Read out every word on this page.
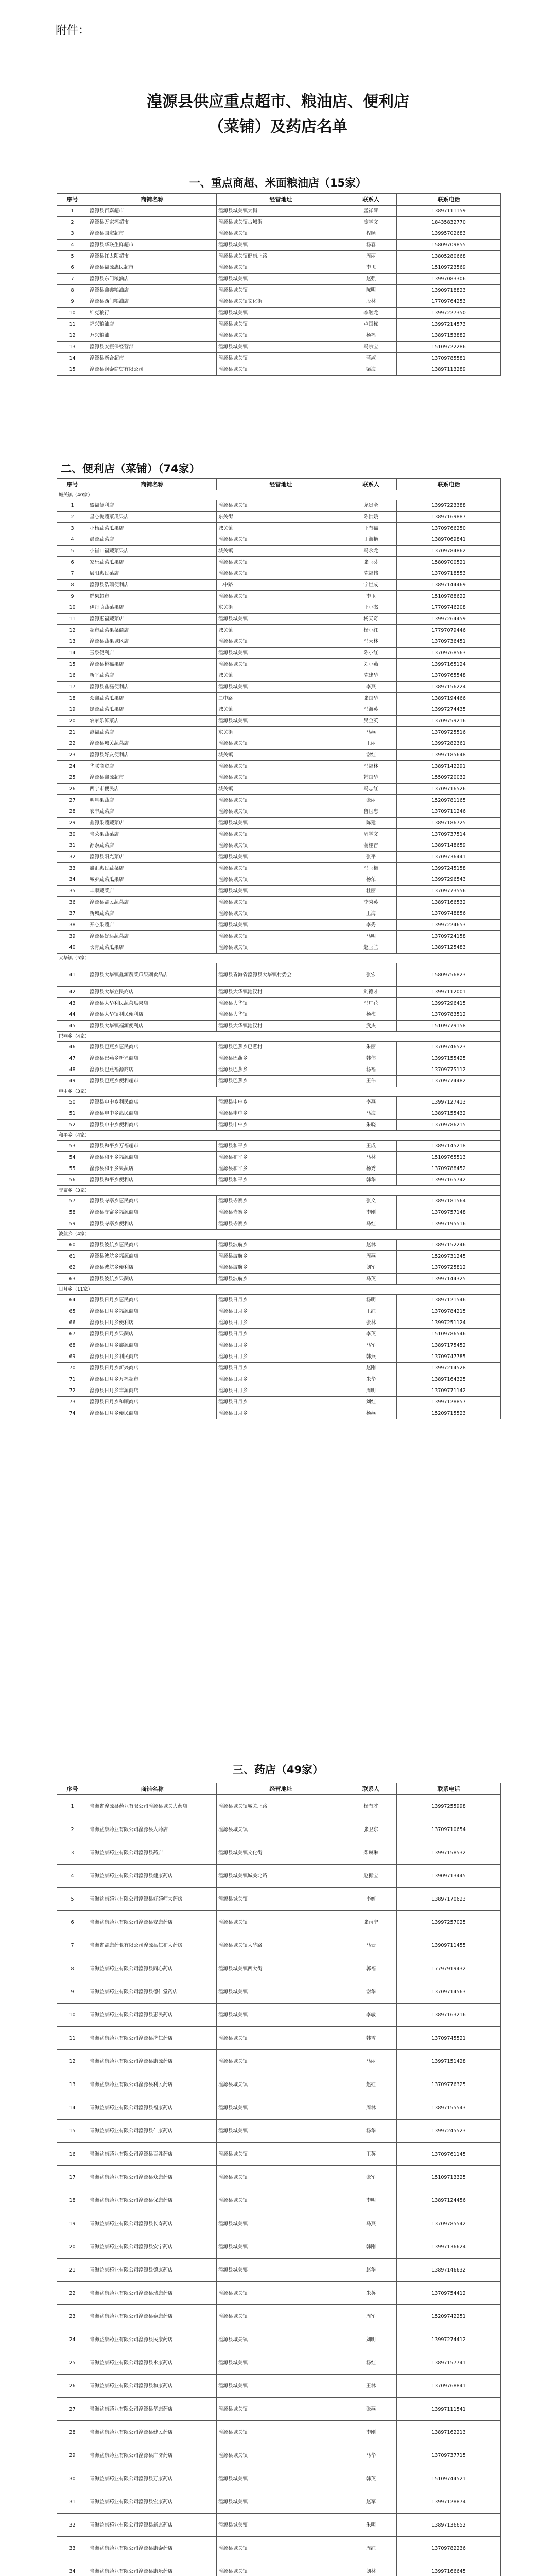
附件：
湟源县供应重点超市、粮油店、便利店
（菜铺）及药店名单
一、重点商超、米面粮油店（15家）
序号	商铺名称	经营地址	联系人	联系电话
1	湟源县百嘉超市	湟源县城关镇大街	孟祥琴	13897111159
2	湟源县万家福超市	湟源县城关镇古城街	庞学文	18435832770
3	湟源县国宏超市	湟源县城关镇	程顺	13995702683
4	湟源县华联生鲜超市	湟源县城关镇	杨春	15809709855
5	湟源县红太阳超市	湟源县城关镇健康北路	周丽	13805280668
6	湟源县福源惠民超市	湟源县城关镇	李飞	15109723569
7	湟源县东门粮油店	湟源县城关镇	赵强	13997083306
8	湟源县鑫鑫粮油店	湟源县城关镇	陈明	13909718823
9	湟源县西门粮油店	湟源县城关镇文化街	段林	17709764253
10	维克粮行	湟源县城关镇	李继龙	13997227350
11	福兴粮油店	湟源县城关镇	卢国栋	13997214573
12	万兴粮油	湟源县城关镇	杨福	13897153882
13	湟源县安振保经营部	湟源县城关镇	马宗宝	15109722286
14	湟源县新合超市	湟源县城关镇	蒲淑	13709785581
15	湟源县润泰商贸有限公司	湟源县城关镇	梁海	13897113289
二、便利店（菜铺）（74家）
序号	商铺名称	经营地址	联系人	联系电话
城关镇（40家）				
1	盛福便利店	湟源县城关镇	龙贵全	13997223388
2	星心悦蔬菜瓜果店	东关街	陈洪娥	13897169887
3	小杨蔬菜瓜果店	城关镇	王有福	13709766250
4	晨源蔬菜店	湟源县城关镇	丁淑艳	13897069841
5	小崔口福蔬菜果店	城关镇	马永龙	13709784862
6	家乐蔬菜瓜果店	湟源县城关镇	张玉芬	15809700521
7	辰阳惠民菜店	湟源县城关镇	陈福伟	13709718553
8	湟源县浩瑞便利店	二中路	宁世成	13897144469
9	鲜果超市	湟源县城关镇	李玉	15109788622
10	伊丹萌蔬菜果店	东关街	王小杰	17709746208
11	湟源惠福蔬菜店	湟源县城关镇	杨天奇	13997264459
12	超市蔬菜果菜商店	城关镇	杨小红	17797079446
13	湟源县蔬果城区店	湟源县城关镇	马天林	13709736451
14	玉泉便利店	湟源县城关镇	陈小红	13709768563
15	湟源县彬福果店	湟源县城关镇	刘小燕	13997165124
16	新平蔬菜店	城关镇	陈建华	13709765548
17	湟源县鑫磊便利店	湟源县城关镇	李燕	13897156224
18	众鑫蔬菜瓜果店	二中路	张国华	13897194466
19	绿源蔬菜瓜果店	城关镇	马海英	13997274435
20	农家乐鲜菜店	湟源县城关镇	吴金英	13709759216
21	惠福蔬菜店	东关街	马燕	13709725516
22	湟源县城关蔬菜店	湟源县城关镇	王丽	13997282361
23	湟源县好友便利店	城关镇	谢红	13997185648
24	华联商贸店	湟源县城关镇	马福林	13897142291
25	湟源县鑫源超市	湟源县城关镇	韩国华	15509720032
26	西宁市便民店	城关镇	马志红	13709716526
27	明星果蔬店	湟源县城关镇	张丽	15209781165
28	农丰蔬菜店	湟源县城关镇	鲁世忠	13709711246
29	鑫源果蔬蔬菜店	湟源县城关镇	陈建	13897186725
30	青荣果蔬菜店	湟源县城关镇	周学文	13709737514
31	源泰蔬菜店	湟源县城关镇	蒲桂香	13897148659
32	湟源县阳光菜店	湟源县城关镇	张平	13709736441
33	鑫汇惠民蔬菜店	湟源县城关镇	马玉梅	13997245158
34	城乡蔬菜瓜果店	湟源县城关镇	杨荣	13997296543
35	丰顺蔬菜店	湟源县城关镇	杜丽	13709773556
36	湟源县益民蔬菜店	湟源县城关镇	李秀英	13897166532
37	新城蔬菜店	湟源县城关镇	王海	13709748856
38	开心果蔬店	湟源县城关镇	李秀	13997224653
39	湟源县好运蔬菜店	湟源县城关镇	马明	13709724158
40	长青蔬菜瓜果店	湟源县城关镇	赵玉兰	13897125483
大华镇（5家）				
41	湟源县大华镇鑫源蔬菜瓜果副食品店	湟源县青海省湟源县大华镇村委会	张宏	15809756823
42	湟源县大华立民商店	湟源县大华镇池汉村	刘德才	13997112001
43	湟源县大华利民蔬菜瓜果店	湟源县大华镇	马广花	13997296415
44	湟源县大华镇利民便利店	湟源县大华镇	杨梅	13709783512
45	湟源县大华镇福源便利店	湟源县大华镇池汉村	武杰	15109779158
巴燕乡（4家）				
46	湟源县巴燕乡惠民商店	湟源县巴燕乡巴燕村	朱丽	13709746523
47	湟源县巴燕乡新兴商店	湟源县巴燕乡	韩伟	13997155425
48	湟源县巴燕福源商店	湟源县巴燕乡	杨福	13709775112
49	湟源县巴燕乡便利超市	湟源县巴燕乡	王伟	13709774482
申中乡（3家）				
50	湟源县申中乡利民商店	湟源县申中乡	李燕	13997127413
51	湟源县申中乡惠民商店	湟源县申中乡	马海	13897155432
52	湟源县申中乡便利商店	湟源县申中乡	朱晓	13709786215
和平乡（4家）				
53	湟源县和平乡万福超市	湟源县和平乡	王成	13897145218
54	湟源县和平乡福源商店	湟源县和平乡	马林	15109765513
55	湟源县和平乡果蔬店	湟源县和平乡	杨秀	13709788452
56	湟源县和平乡便利店	湟源县和平乡	韩华	13997165742
寺寨乡（3家）				
57	湟源县寺寨乡惠民商店	湟源县寺寨乡	张文	13897181564
58	湟源县寺寨乡福源商店	湟源县寺寨乡	李刚	13709757148
59	湟源县寺寨乡便利店	湟源县寺寨乡	马红	13997195516
波航乡（4家）				
60	湟源县波航乡惠民商店	湟源县波航乡	赵林	13897152246
61	湟源县波航乡福源商店	湟源县波航乡	周燕	15209731245
62	湟源县波航乡便利店	湟源县波航乡	刘军	13709725812
63	湟源县波航乡果蔬店	湟源县波航乡	马英	13997144325
日月乡（11家）				
64	湟源县日月乡惠民商店	湟源县日月乡	杨明	13897121546
65	湟源县日月乡福源商店	湟源县日月乡	王红	13709784215
66	湟源县日月乡便利店	湟源县日月乡	张林	13997251124
67	湟源县日月乡果蔬店	湟源县日月乡	李英	15109786546
68	湟源县日月乡鑫源商店	湟源县日月乡	马军	13897175452
69	湟源县日月乡利民商店	湟源县日月乡	韩燕	13709747785
70	湟源县日月乡新兴商店	湟源县日月乡	赵刚	13997214528
71	湟源县日月乡万福超市	湟源县日月乡	朱华	13897164325
72	湟源县日月乡丰源商店	湟源县日月乡	周明	13709771142
73	湟源县日月乡和顺商店	湟源县日月乡	刘红	13997128857
74	湟源县日月乡便民商店	湟源县日月乡	杨燕	15209715523
三、药店（49家）
序号	商铺名称	经营地址	联系人	联系电话
1	青海省湟源县药业有限公司湟源县城关大药店	湟源县城关镇城关北路	杨有才	13997255998
2	青海益康药业有限公司湟源县大药店	湟源县城关镇	张卫东	13709710654
3	青海益康药业有限公司湟源县药店	湟源县城关镇文化街	柴琳琳	13997158532
4	青海益康药业有限公司湟源县健康药店	湟源县城关镇城关北路	赵振宝	13909713445
5	青海益康药业有限公司湟源县好药师大药房	湟源县城关镇	李婷	13897170623
6	青海益康药业有限公司湟源县安康药店	湟源县城关镇	张雨宁	13997257025
7	青海省益康药业有限公司湟源县仁和大药房	湟源县城关镇大华路	马云	13909711455
8	青海益康药业有限公司湟源县同心药店	湟源县城关镇西大街	郭福	17797919432
9	青海益康药业有限公司湟源县德仁堂药店	湟源县城关镇	谢华	13709714563
10	青海益康药业有限公司湟源县惠民药店	湟源县城关镇	李敏	13897163216
11	青海益康药业有限公司湟源县济仁药店	湟源县城关镇	韩雪	13709745521
12	青海益康药业有限公司湟源县康源药店	湟源县城关镇	马丽	13997151428
13	青海益康药业有限公司湟源县利民药店	湟源县城关镇	赵红	13709776325
14	青海益康药业有限公司湟源县福康药店	湟源县城关镇	周林	13897155543
15	青海益康药业有限公司湟源县仁康药店	湟源县城关镇	杨华	13997245523
16	青海益康药业有限公司湟源县百姓药店	湟源县城关镇	王英	13709761145
17	青海益康药业有限公司湟源县众康药店	湟源县城关镇	张军	15109713325
18	青海益康药业有限公司湟源县保康药店	湟源县城关镇	李明	13897124456
19	青海益康药业有限公司湟源县长寿药店	湟源县城关镇	马燕	13709785542
20	青海益康药业有限公司湟源县安宁药店	湟源县城关镇	韩刚	13997136624
21	青海益康药业有限公司湟源县德康药店	湟源县城关镇	赵华	13897146632
22	青海益康药业有限公司湟源县瑞康药店	湟源县城关镇	朱英	13709754412
23	青海益康药业有限公司湟源县泰康药店	湟源县城关镇	周军	15209742251
24	青海益康药业有限公司湟源县民康药店	湟源县城关镇	刘明	13997274412
25	青海益康药业有限公司湟源县永康药店	湟源县城关镇	杨红	13897157741
26	青海益康药业有限公司湟源县和康药店	湟源县城关镇	王林	13709768841
27	青海益康药业有限公司湟源县华康药店	湟源县城关镇	张燕	13997111541
28	青海益康药业有限公司湟源县健民药店	湟源县城关镇	李刚	13897162213
29	青海益康药业有限公司湟源县广济药店	湟源县城关镇	马华	13709737715
30	青海益康药业有限公司湟源县万康药店	湟源县城关镇	韩英	15109744521
31	青海益康药业有限公司湟源县宏康药店	湟源县城关镇	赵军	13997128874
32	青海益康药业有限公司湟源县新康药店	湟源县城关镇	朱明	13897136652
33	青海益康药业有限公司湟源县康泰药店	湟源县城关镇	周红	13709782236
34	青海益康药业有限公司湟源县康乐药店	湟源县城关镇	刘林	13997166645
